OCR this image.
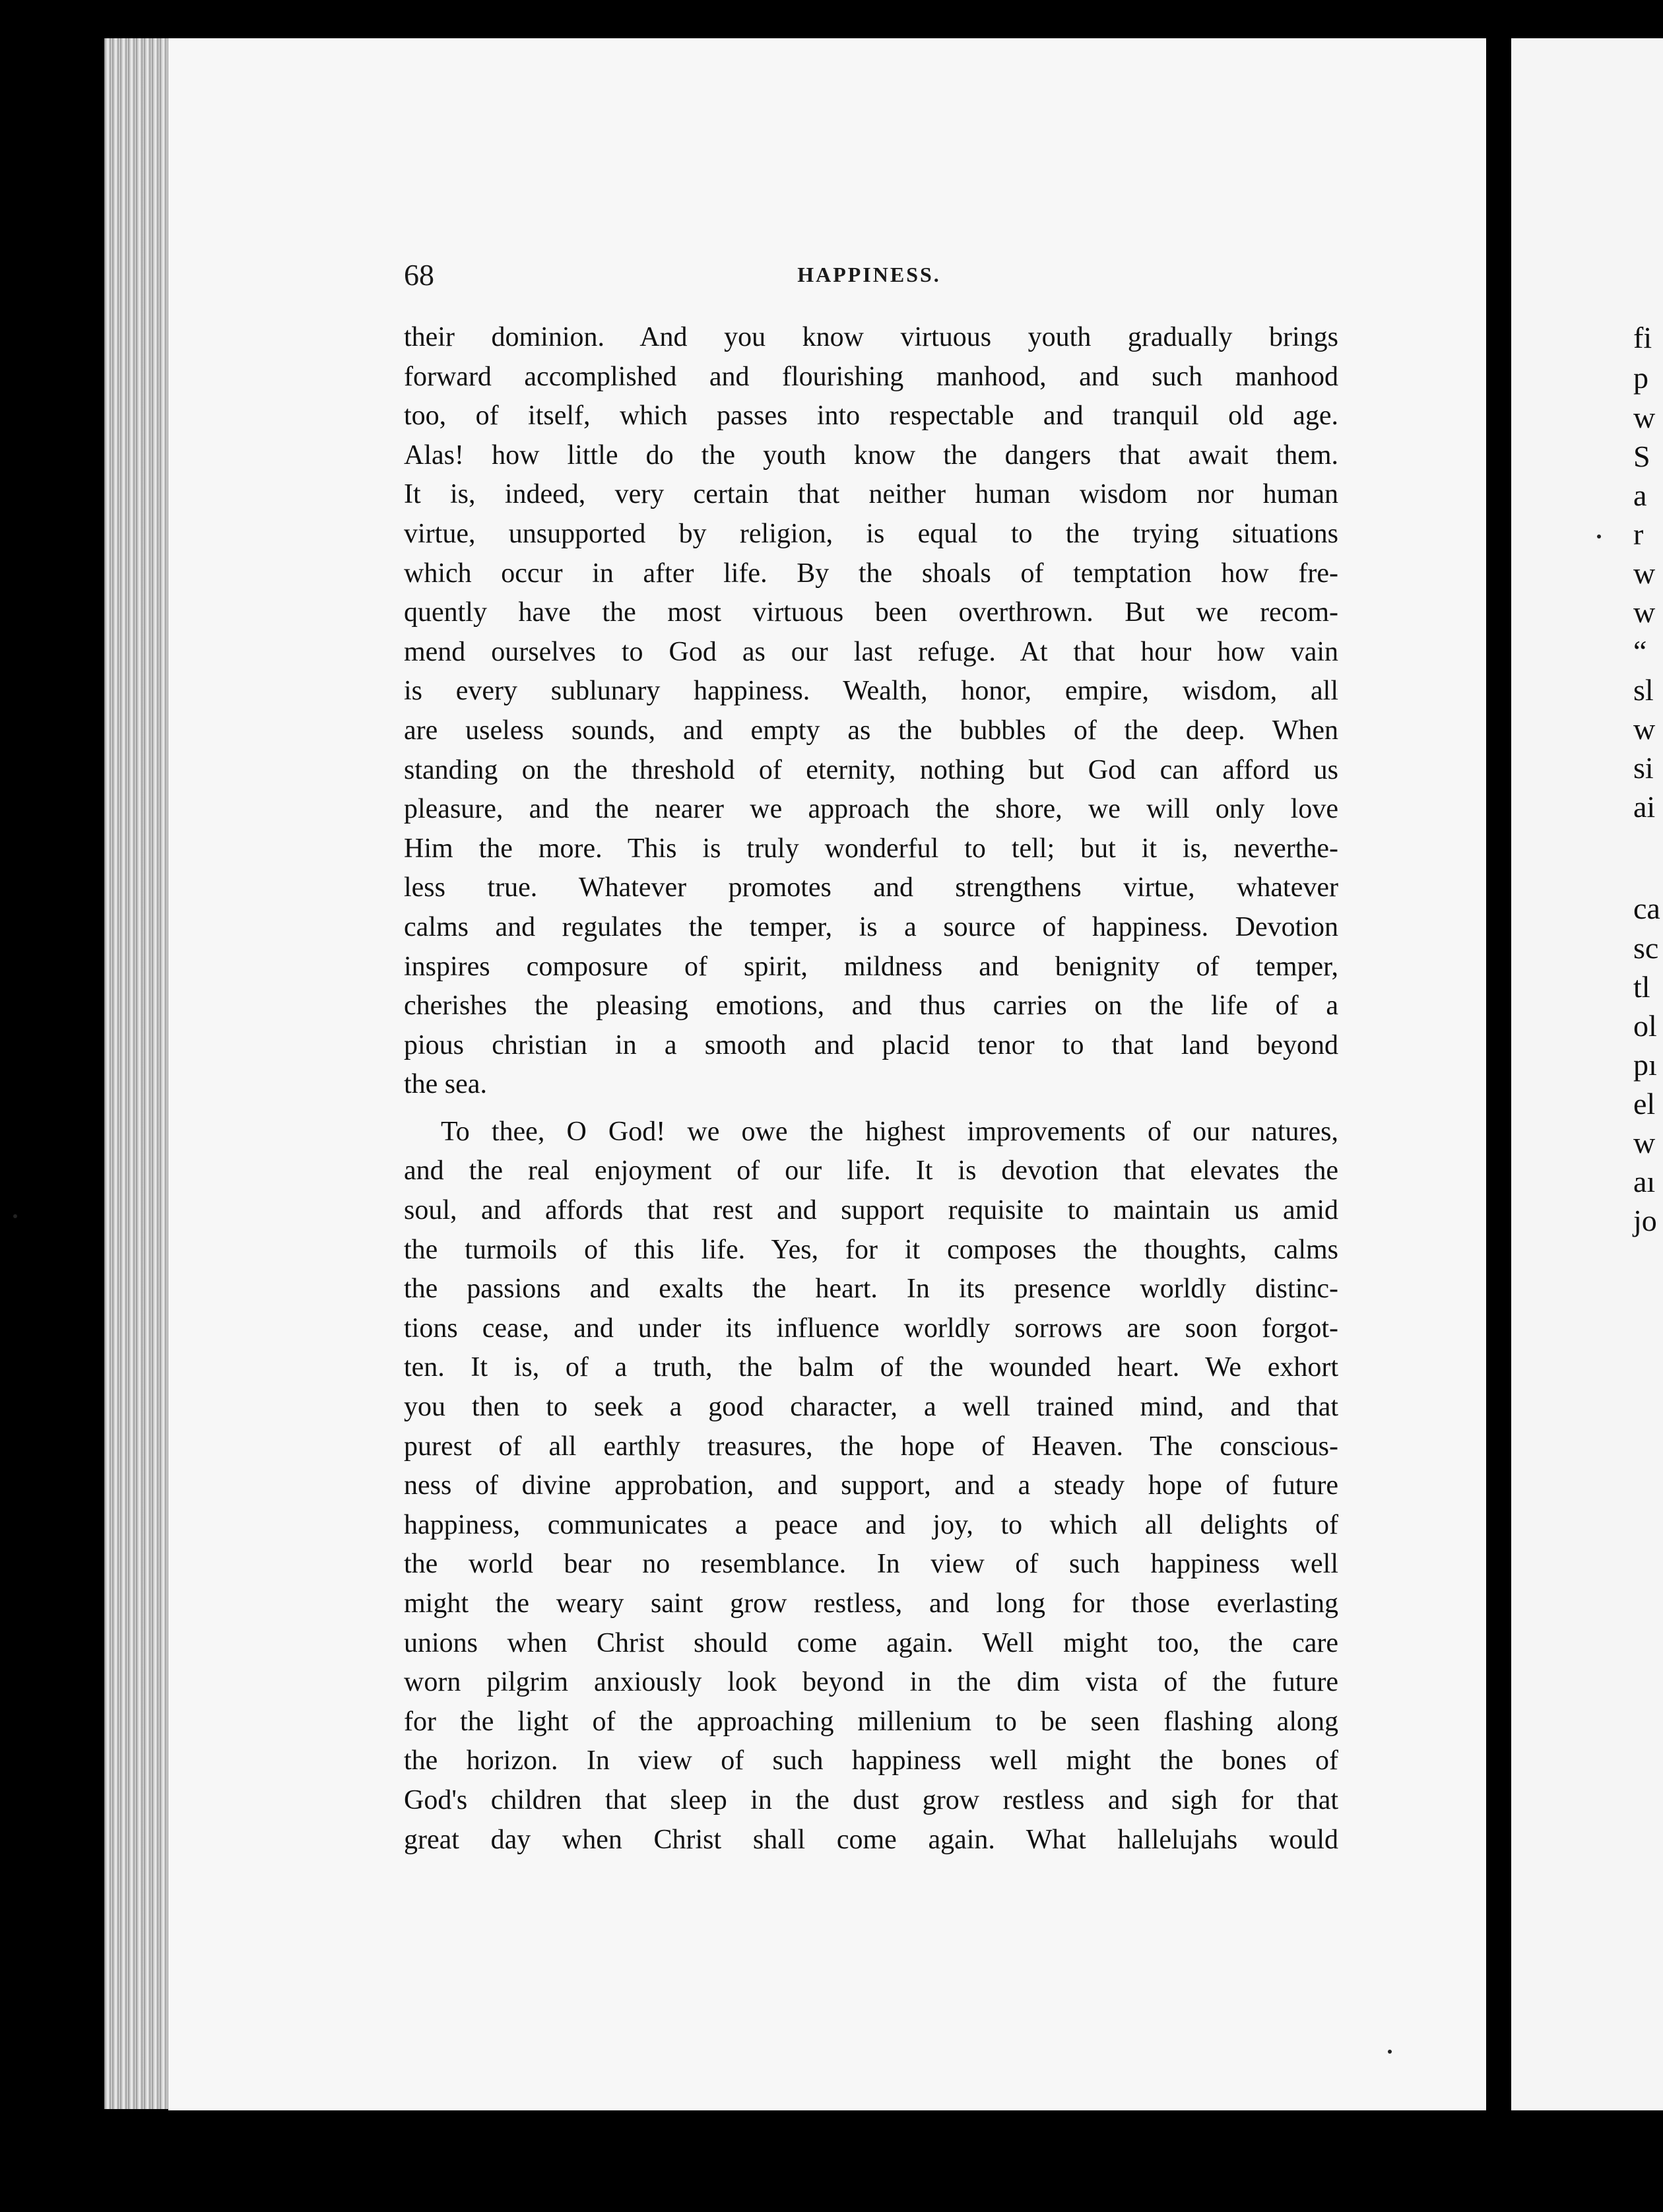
fi
p
w
S
a
r
w
w
“
sl
w
si
ai
ca
sc
tl
ol
pı
el
w
aı
jo
68	HAPPINESS.
their dominion. And you know virtuous youth gradually brings
forward accomplished and flourishing manhood, and such manhood
too, of itself, which passes into respectable and tranquil old age.
Alas! how little do the youth know the dangers that await them.
It is, indeed, very certain that neither human wisdom nor human
virtue, unsupported by religion, is equal to the trying situations
which occur in after life. By the shoals of temptation how fre-
quently have the most virtuous been overthrown. But we recom-
mend ourselves to God as our last refuge. At that hour how vain
is every sublunary happiness. Wealth, honor, empire, wisdom, all
are useless sounds, and empty as the bubbles of the deep. When
standing on the threshold of eternity, nothing but God can afford us
pleasure, and the nearer we approach the shore, we will only love
Him the more. This is truly wonderful to tell; but it is, neverthe-
less true. Whatever promotes and strengthens virtue, whatever
calms and regulates the temper, is a source of happiness. Devotion
inspires composure of spirit, mildness and benignity of temper,
cherishes the pleasing emotions, and thus carries on the life of a
pious christian in a smooth and placid tenor to that land beyond
the sea.
To thee, O God! we owe the highest improvements of our natures,
and the real enjoyment of our life. It is devotion that elevates the
soul, and affords that rest and support requisite to maintain us amid
the turmoils of this life. Yes, for it composes the thoughts, calms
the passions and exalts the heart. In its presence worldly distinc-
tions cease, and under its influence worldly sorrows are soon forgot-
ten. It is, of a truth, the balm of the wounded heart. We exhort
you then to seek a good character, a well trained mind, and that
purest of all earthly treasures, the hope of Heaven. The conscious-
ness of divine approbation, and support, and a steady hope of future
happiness, communicates a peace and joy, to which all delights of
the world bear no resemblance. In view of such happiness well
might the weary saint grow restless, and long for those everlasting
unions when Christ should come again. Well might too, the care
worn pilgrim anxiously look beyond in the dim vista of the future
for the light of the approaching millenium to be seen flashing along
the horizon. In view of such happiness well might the bones of
God's children that sleep in the dust grow restless and sigh for that
great day when Christ shall come again. What hallelujahs would
